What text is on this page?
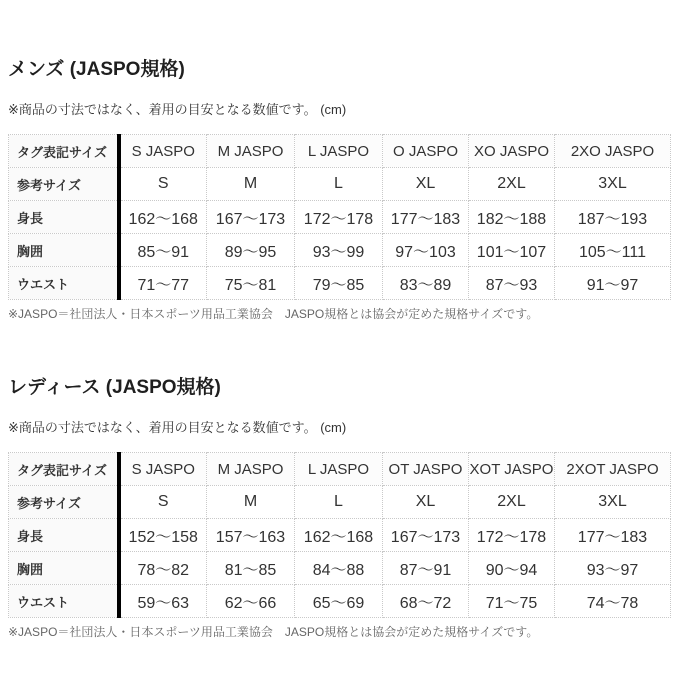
メンズ (JASPO規格)
※商品の寸法ではなく、着用の目安となる数値です。 (cm)
タグ表記サイズ	S JASPO	M JASPO	L JASPO	O JASPO	XO JASPO	2XO JASPO
参考サイズ	S	M	L	XL	2XL	3XL
身長	162～168	167～173	172～178	177～183	182～188	187～193
胸囲	85～91	89～95	93～99	97～103	101～107	105～111
ウエスト	71～77	75～81	79～85	83～89	87～93	91～97
※JASPO＝社団法人・日本スポーツ用品工業協会　JASPO規格とは協会が定めた規格サイズです。
レディース (JASPO規格)
※商品の寸法ではなく、着用の目安となる数値です。 (cm)
タグ表記サイズ	S JASPO	M JASPO	L JASPO	OT JASPO	XOT JASPO	2XOT JASPO
参考サイズ	S	M	L	XL	2XL	3XL
身長	152～158	157～163	162～168	167～173	172～178	177～183
胸囲	78～82	81～85	84～88	87～91	90～94	93～97
ウエスト	59～63	62～66	65～69	68～72	71～75	74～78
※JASPO＝社団法人・日本スポーツ用品工業協会　JASPO規格とは協会が定めた規格サイズです。
